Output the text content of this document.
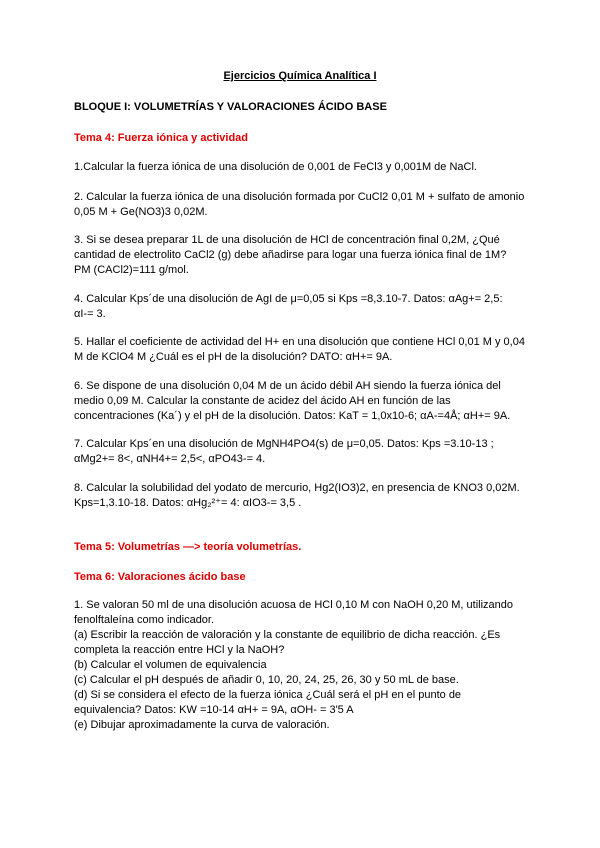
Ejercicios Química Analítica I
BLOQUE I: VOLUMETRÍAS Y VALORACIONES ÁCIDO BASE
Tema 4: Fuerza iónica y actividad
1.Calcular la fuerza iónica de una disolución de 0,001 de FeCl3 y 0,001M de NaCl.
2. Calcular la fuerza iónica de una disolución formada por CuCl2 0,01 M + sulfato de amonio
0,05 M + Ge(NO3)3 0,02M.
3. Si se desea preparar 1L de una disolución de HCl de concentración final 0,2M, ¿Qué
cantidad de electrolito CaCl2 (g) debe añadirse para logar una fuerza iónica final de 1M?
PM (CACl2)=111 g/mol.
4. Calcular Kps´de una disolución de AgI de μ=0,05 si Kps =8,3.10-7. Datos: αAg+= 2,5:
αI-= 3.
5. Hallar el coeficiente de actividad del H+ en una disolución que contiene HCl 0,01 M y 0,04
M de KClO4 M ¿Cuál es el pH de la disolución? DATO: αH+= 9A.
6. Se dispone de una disolución 0,04 M de un ácido débil AH siendo la fuerza iónica del
medio 0,09 M. Calcular la constante de acidez del ácido AH en función de las
concentraciones (Ka´) y el pH de la disolución. Datos: KaT = 1,0x10-6; αA-=4Å; αH+= 9A.
7. Calcular Kps´en una disolución de MgNH4PO4(s) de μ=0,05. Datos: Kps =3.10-13 ;
αMg2+= 8<, αNH4+= 2,5<, αPO43-= 4.
8. Calcular la solubilidad del yodato de mercurio, Hg2(IO3)2, en presencia de KNO3 0,02M.
Kps=1,3.10-18. Datos: αHg₂²⁺= 4: αIO3-= 3,5 .
Tema 5: Volumetrías —> teoría volumetrías.
Tema 6: Valoraciones ácido base
1. Se valoran 50 ml de una disolución acuosa de HCl 0,10 M con NaOH 0,20 M, utilizando
fenolftaleína como indicador.
(a) Escribir la reacción de valoración y la constante de equilibrio de dicha reacción. ¿Es
completa la reacción entre HCl y la NaOH?
(b) Calcular el volumen de equivalencia
(c) Calcular el pH después de añadir 0, 10, 20, 24, 25, 26, 30 y 50 mL de base.
(d) Si se considera el efecto de la fuerza iónica ¿Cuál será el pH en el punto de
equivalencia? Datos: KW =10-14 αH+ = 9A, αOH- = 3'5 A
(e) Dibujar aproximadamente la curva de valoración.
